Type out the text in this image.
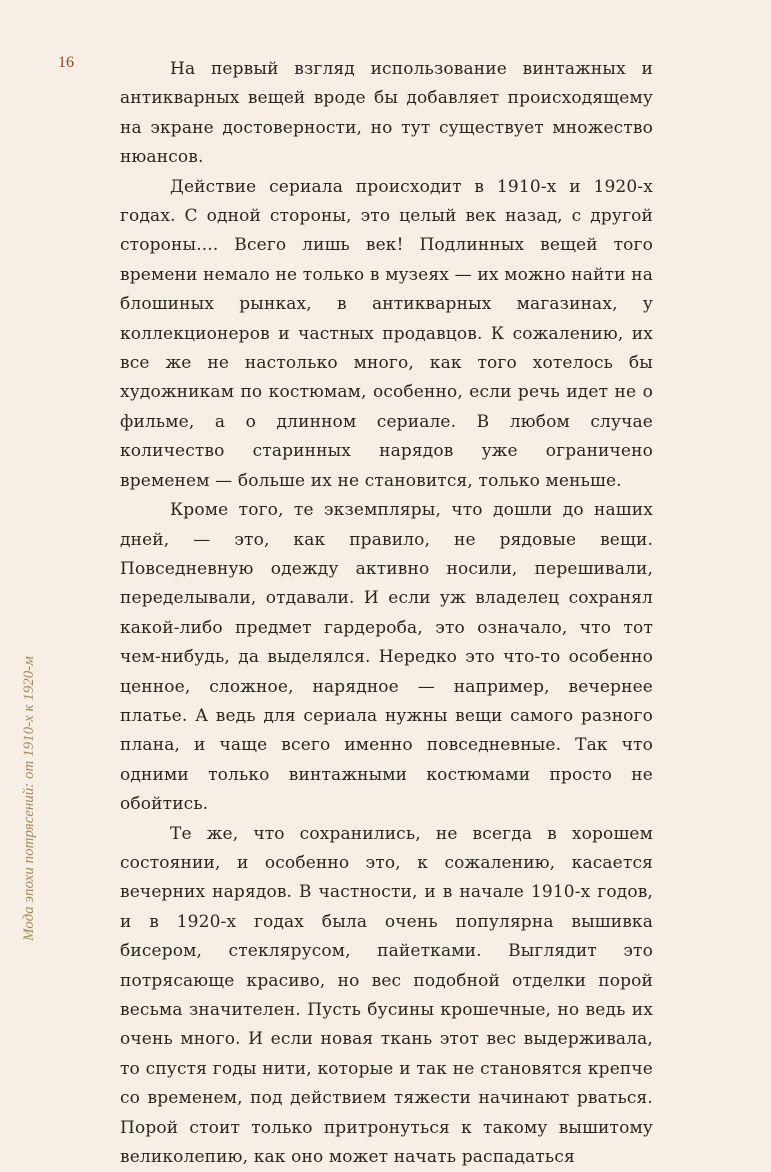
16
Мода эпохи потрясений: от 1910-х к 1920-м

На первый взгляд использование винтажных и антикварных вещей вроде бы добавляет происходящему на экране достоверности, но тут существует множество нюансов.

Действие сериала происходит в 1910-х и 1920-х годах. С одной стороны, это целый век назад, с другой стороны.... Всего лишь век! Подлинных вещей того времени немало не только в музеях — их можно найти на блошиных рынках, в антикварных магазинах, у коллекционеров и частных продавцов. К сожалению, их все же не настолько много, как того хотелось бы художникам по костюмам, особенно, если речь идет не о фильме, а о длинном сериале. В любом случае количество старинных нарядов уже ограничено временем — больше их не становится, только меньше.

Кроме того, те экземпляры, что дошли до наших дней, — это, как правило, не рядовые вещи. Повседневную одежду активно носили, перешивали, переделывали, отдавали. И если уж владелец сохранял какой-либо предмет гардероба, это означало, что тот чем-нибудь, да выделялся. Нередко это что-то особенно ценное, сложное, нарядное — например, вечернее платье. А ведь для сериала нужны вещи самого разного плана, и чаще всего именно повседневные. Так что одними только винтажными костюмами просто не обойтись.

Те же, что сохранились, не всегда в хорошем состоянии, и особенно это, к сожалению, касается вечерних нарядов. В частности, и в начале 1910-х годов, и в 1920-х годах была очень популярна вышивка бисером, стеклярусом, пайетками. Выглядит это потрясающе красиво, но вес подобной отделки порой весьма значителен. Пусть бусины крошечные, но ведь их очень много. И если новая ткань этот вес выдерживала, то спустя годы нити, которые и так не становятся крепче со временем, под действием тяжести начинают рваться. Порой стоит только притронуться к такому вышитому великолепию, как оно может начать распадаться
